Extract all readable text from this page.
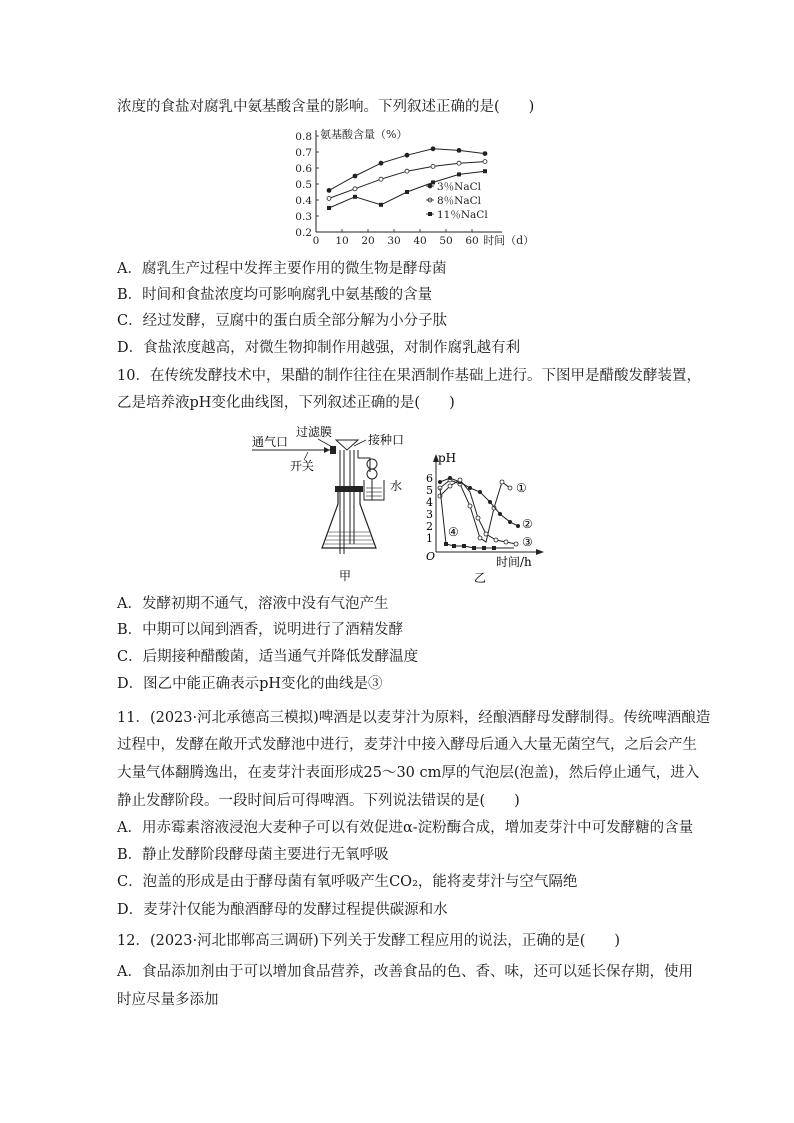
浓度的食盐对腐乳中氨基酸含量的影响。下列叙述正确的是(　　)
氨基酸含量（%）
0.2
0.3
0.4
0.5
0.6
0.7
0.8
0 10 20 30 40 50 60 时间（d）
3％NaCl
8％NaCl
11％NaCl
A．腐乳生产过程中发挥主要作用的微生物是酵母菌
B．时间和食盐浓度均可影响腐乳中氨基酸的含量
C．经过发酵，豆腐中的蛋白质全部分解为小分子肽
D．食盐浓度越高，对微生物抑制作用越强，对制作腐乳越有利
10．在传统发酵技术中，果醋的制作往往在果酒制作基础上进行。下图甲是醋酸发酵装置，
乙是培养液pH变化曲线图，下列叙述正确的是(　　)
通气口
过滤膜
接种口
开关
水
甲
pH
O
1
2
3
4
5
6
①
②
③
④
时间/h
乙
A．发酵初期不通气，溶液中没有气泡产生
B．中期可以闻到酒香，说明进行了酒精发酵
C．后期接种醋酸菌，适当通气并降低发酵温度
D．图乙中能正确表示pH变化的曲线是③
11．(2023·河北承德高三模拟)啤酒是以麦芽汁为原料，经酿酒酵母发酵制得。传统啤酒酿造
过程中，发酵在敞开式发酵池中进行，麦芽汁中接入酵母后通入大量无菌空气，之后会产生
大量气体翻腾逸出，在麦芽汁表面形成25～30 cm厚的气泡层(泡盖)，然后停止通气，进入
静止发酵阶段。一段时间后可得啤酒。下列说法错误的是(　　)
A．用赤霉素溶液浸泡大麦种子可以有效促进α-淀粉酶合成，增加麦芽汁中可发酵糖的含量
B．静止发酵阶段酵母菌主要进行无氧呼吸
C．泡盖的形成是由于酵母菌有氧呼吸产生CO₂，能将麦芽汁与空气隔绝
D．麦芽汁仅能为酿酒酵母的发酵过程提供碳源和水
12．(2023·河北邯郸高三调研)下列关于发酵工程应用的说法，正确的是(　　)
A．食品添加剂由于可以增加食品营养，改善食品的色、香、味，还可以延长保存期，使用
时应尽量多添加
